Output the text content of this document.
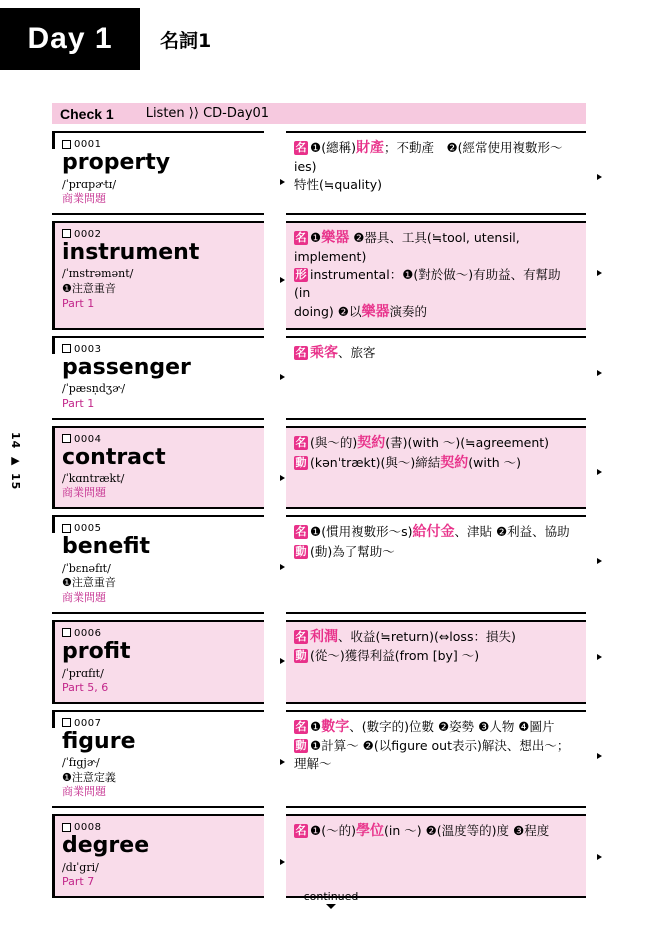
Day 1 名詞1
14 ▶ 15
Check 1 Listen ⟩⟩ CD-Day01
0001
property
/ˈprɑpɚtɪ/
商業問題
名 ❶(總稱)財產；不動產　❷(經常使用複數形〜ies)
特性(≒quality)
0002
instrument
/ˈɪnstrəmənt/
❶注意重音
Part 1
名 ❶樂器 ❷器具、工具(≒tool, utensil, implement)
形 instrumental：❶(對於做〜)有助益、有幫助(in
doing) ❷以樂器演奏的
0003
passenger
/ˈpæsṇdʒɚ/
Part 1
名 乘客、旅客
0004
contract
/ˈkɑntrækt/
商業問題
名 (與〜的)契約(書)(with 〜)(≒agreement)
動 (kənˈtrækt)(與〜)締結契約(with 〜)
0005
benefit
/ˈbɛnəfɪt/
❶注意重音
商業問題
名 ❶(慣用複數形〜s)給付金、津貼 ❷利益、協助
動 (動)為了幫助〜
0006
profit
/ˈprɑfɪt/
Part 5, 6
名 利潤、收益(≒return)(⇔loss：損失)
動 (從〜)獲得利益(from [by] 〜)
0007
figure
/ˈfɪgjɚ/
❶注意定義
商業問題
名 ❶數字、(數字的)位數 ❷姿勢 ❸人物 ❹圖片
動 ❶計算〜 ❷(以figure out表示)解決、想出〜；
理解〜
0008
degree
/dɪˈgri/
Part 7
名 ❶(〜的)學位(in 〜) ❷(溫度等的)度 ❸程度
continued
